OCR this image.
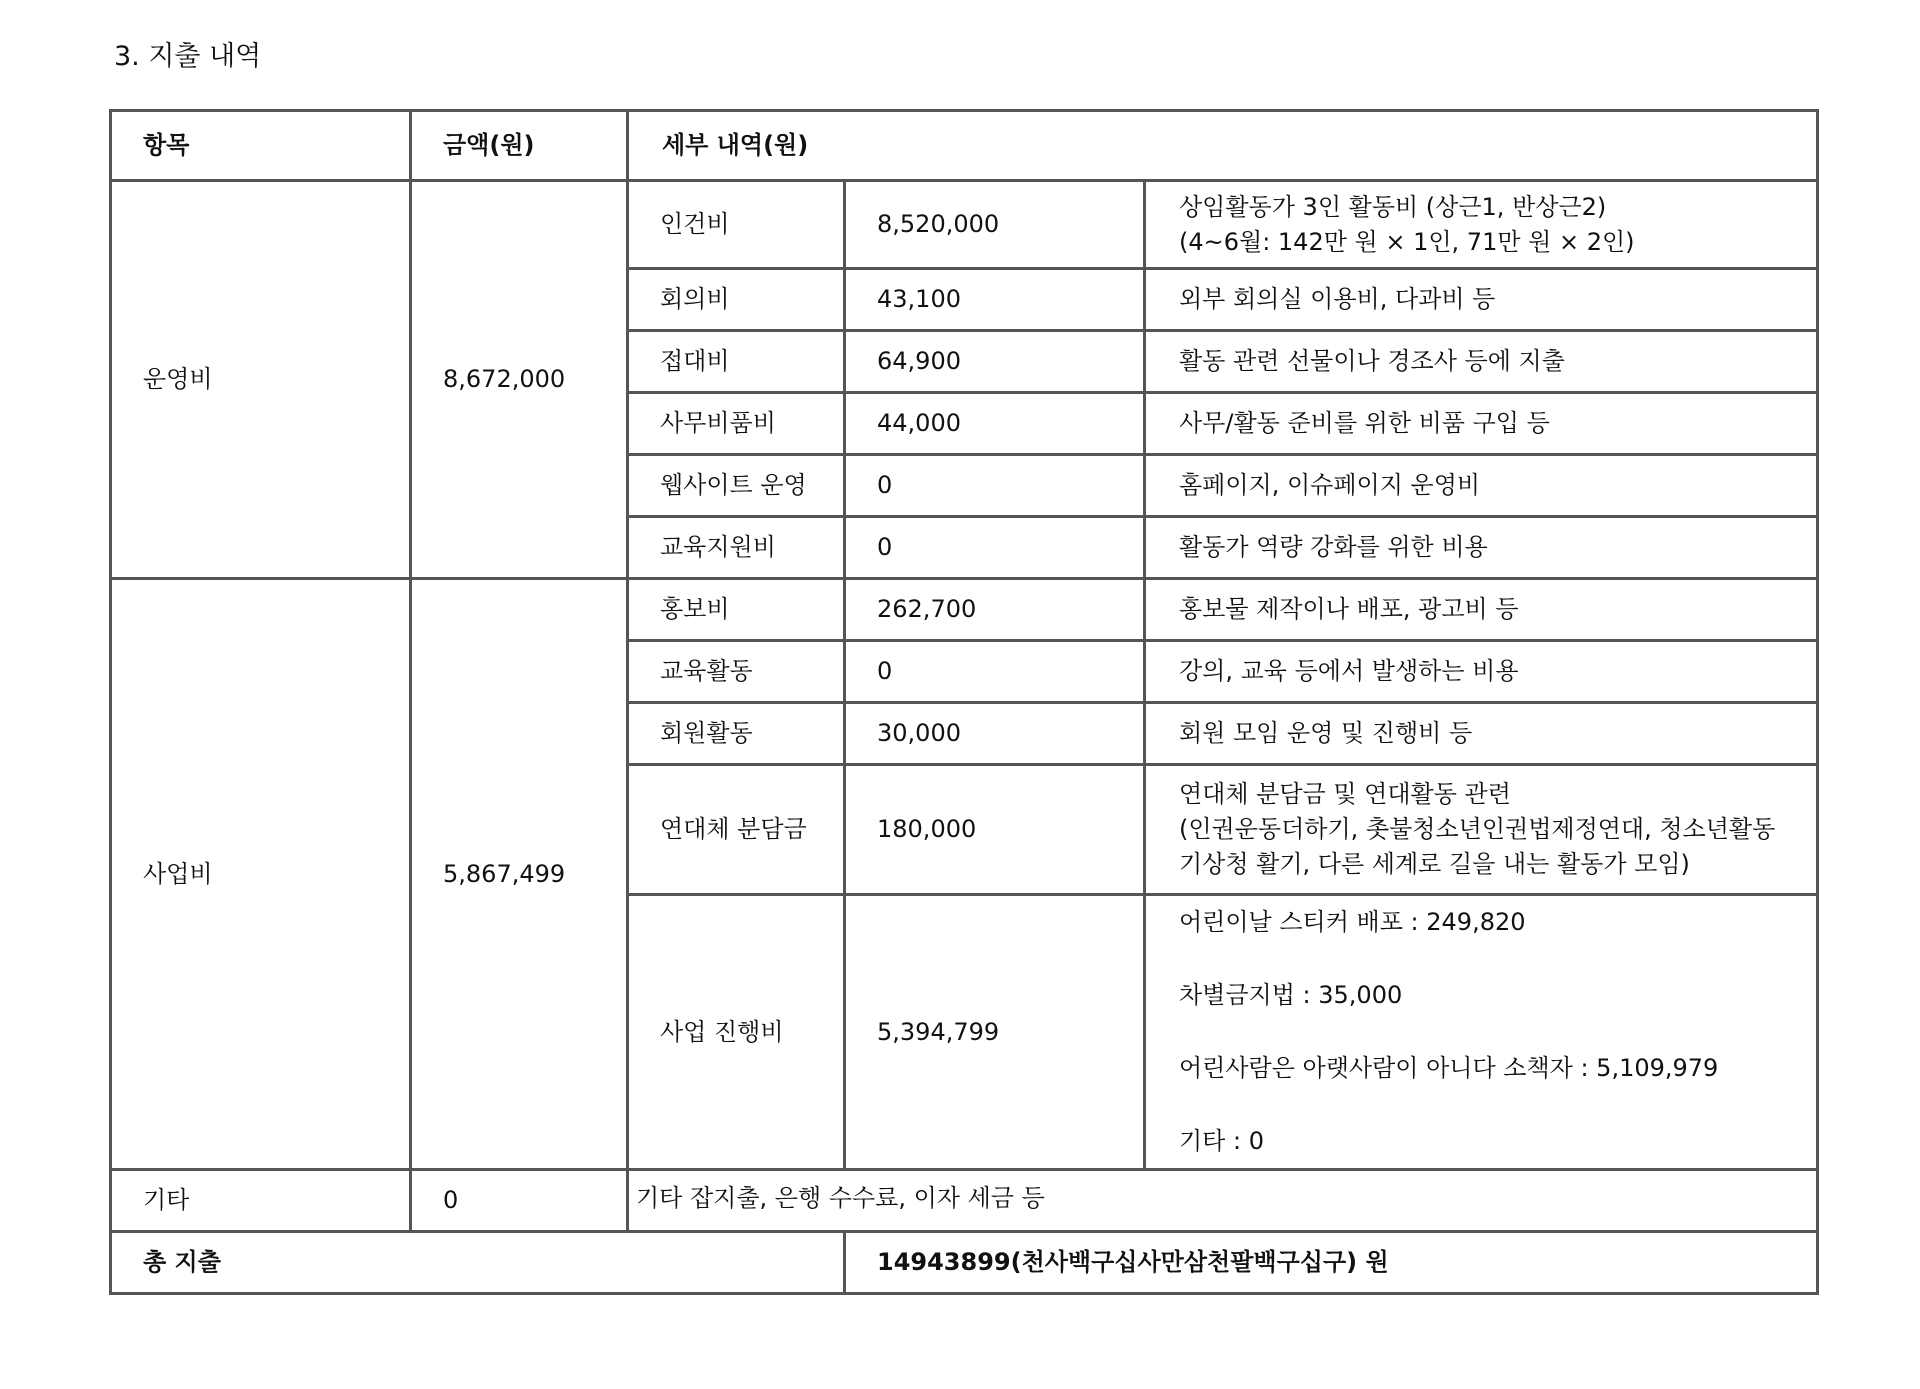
3. 지출 내역
항목	금액(원)	세부 내역(원)		
운영비	8,672,000	인건비	8,520,000	상임활동가 3인 활동비 (상근1, 반상근2)
(4~6월: 142만 원 × 1인, 71만 원 × 2인)

		회의비	43,100	외부 회의실 이용비, 다과비 등

		접대비	64,900	활동 관련 선물이나 경조사 등에 지출

		사무비품비	44,000	사무/활동 준비를 위한 비품 구입 등

		웹사이트 운영	0	홈페이지, 이슈페이지 운영비

		교육지원비	0	활동가 역량 강화를 위한 비용

사업비	5,867,499	홍보비	262,700	홍보물 제작이나 배포, 광고비 등

		교육활동	0	강의, 교육 등에서 발생하는 비용

		회원활동	30,000	회원 모임 운영 및 진행비 등

		연대체 분담금	180,000	연대체 분담금 및 연대활동 관련
(인권운동더하기, 촛불청소년인권법제정연대, 청소년활동
기상청 활기, 다른 세계로 길을 내는 활동가 모임)

		사업 진행비	5,394,799	어린이날 스티커 배포 : 249,820
차별금지법 : 35,000
어린사람은 아랫사람이 아니다 소책자 : 5,109,979
기타 : 0

기타	0	기타 잡지출, 은행 수수료, 이자 세금 등		
총 지출			14943899(천사백구십사만삼천팔백구십구) 원	
